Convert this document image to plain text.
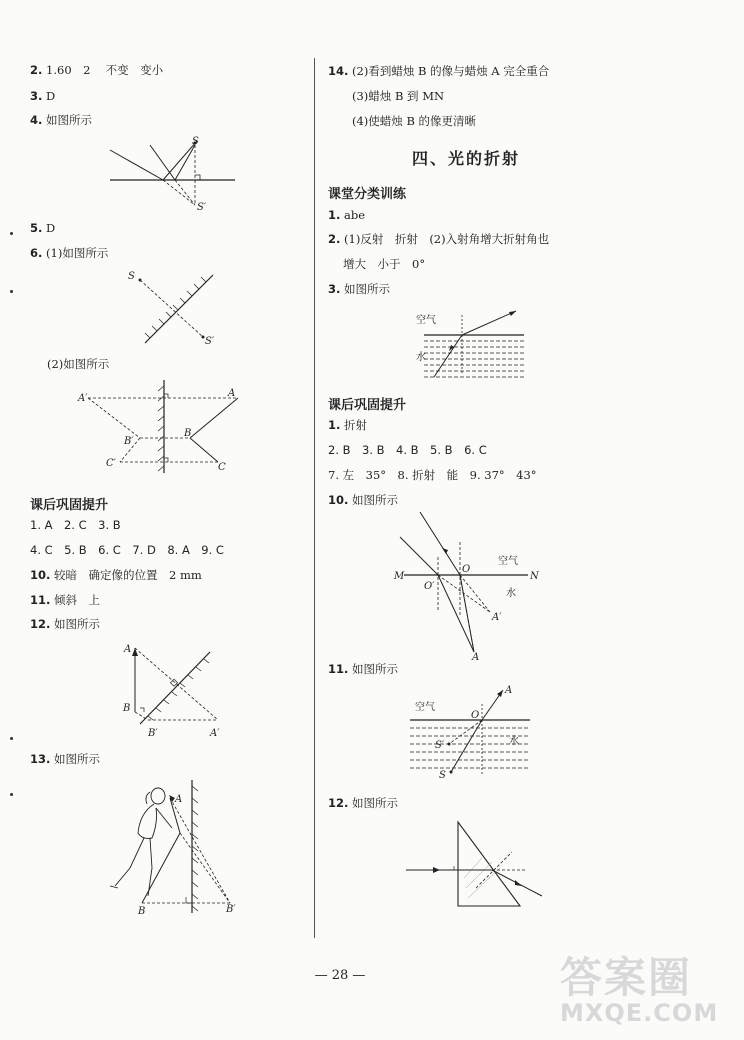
2. 1.60　2　 不变　变小
3. D
4. 如图所示
S
S′
5. D
6. (1)如图所示
S
S′
(2)如图所示
A′	A
B′
B
C′	C
课后巩固提升
1. A　2. C　3. B
4. C　5. B　6. C　7. D　8. A　9. C
10. 较暗　确定像的位置　2 mm
11. 倾斜　上
12. 如图所示
A
B
B′	A′
13. 如图所示
A
B	B′
14. (2)看到蜡烛 B 的像与蜡烛 A 完全重合
(3)蜡烛 B 到 MN
(4)使蜡烛 B 的像更清晰
四、光的折射
课堂分类训练
1. abe
2. (1)反射　折射　(2)入射角增大折射角也
增大　小于　0°
3. 如图所示
空气
水
课后巩固提升
1. 折射
2. B　3. B　4. B　5. B　6. C
7. 左　35°　8. 折射　能　9. 37°　43°
10. 如图所示
M	N
O
O′
A′
A
空气
水
11. 如图所示
A
O
S′
S
空气
水
12. 如图所示
— 28 —	答案圈
MXQE.COM
